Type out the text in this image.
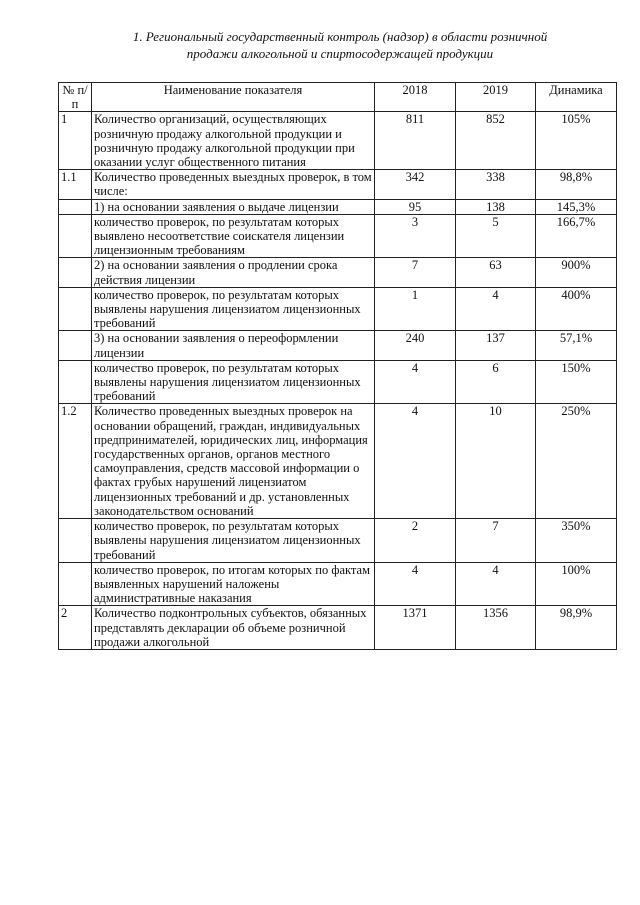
1. Региональный государственный контроль (надзор) в области розничной
продажи алкогольной и спиртосодержащей продукции
№ п/п	Наименование показателя	2018	2019	Динамика
1	Количество организаций, осуществляющих розничную продажу алкогольной продукции и розничную продажу алкогольной продукции при оказании услуг общественного питания	811	852	105%
1.1	Количество проведенных выездных проверок, в том числе:	342	338	98,8%
	1) на основании заявления о выдаче лицензии	95	138	145,3%
	количество проверок, по результатам которых выявлено несоответствие соискателя лицензии лицензионным требованиям	3	5	166,7%
	2) на основании заявления о продлении срока действия лицензии	7	63	900%
	количество проверок, по результатам которых выявлены нарушения лицензиатом лицензионных требований	1	4	400%
	3) на основании заявления о переоформлении лицензии	240	137	57,1%
	количество проверок, по результатам которых выявлены нарушения лицензиатом лицензионных требований	4	6	150%
1.2	Количество проведенных выездных проверок на основании обращений, граждан, индивидуальных предпринимателей, юридических лиц, информация государственных органов, органов местного самоуправления, средств массовой информации о фактах грубых нарушений лицензиатом лицензионных требований и др. установленных законодательством оснований	4	10	250%
	количество проверок, по результатам которых выявлены нарушения лицензиатом лицензионных требований	2	7	350%
	количество проверок, по итогам которых по фактам выявленных нарушений наложены административные наказания	4	4	100%
2	Количество подконтрольных субъектов, обязанных представлять декларации об объеме розничной продажи алкогольной	1371	1356	98,9%
